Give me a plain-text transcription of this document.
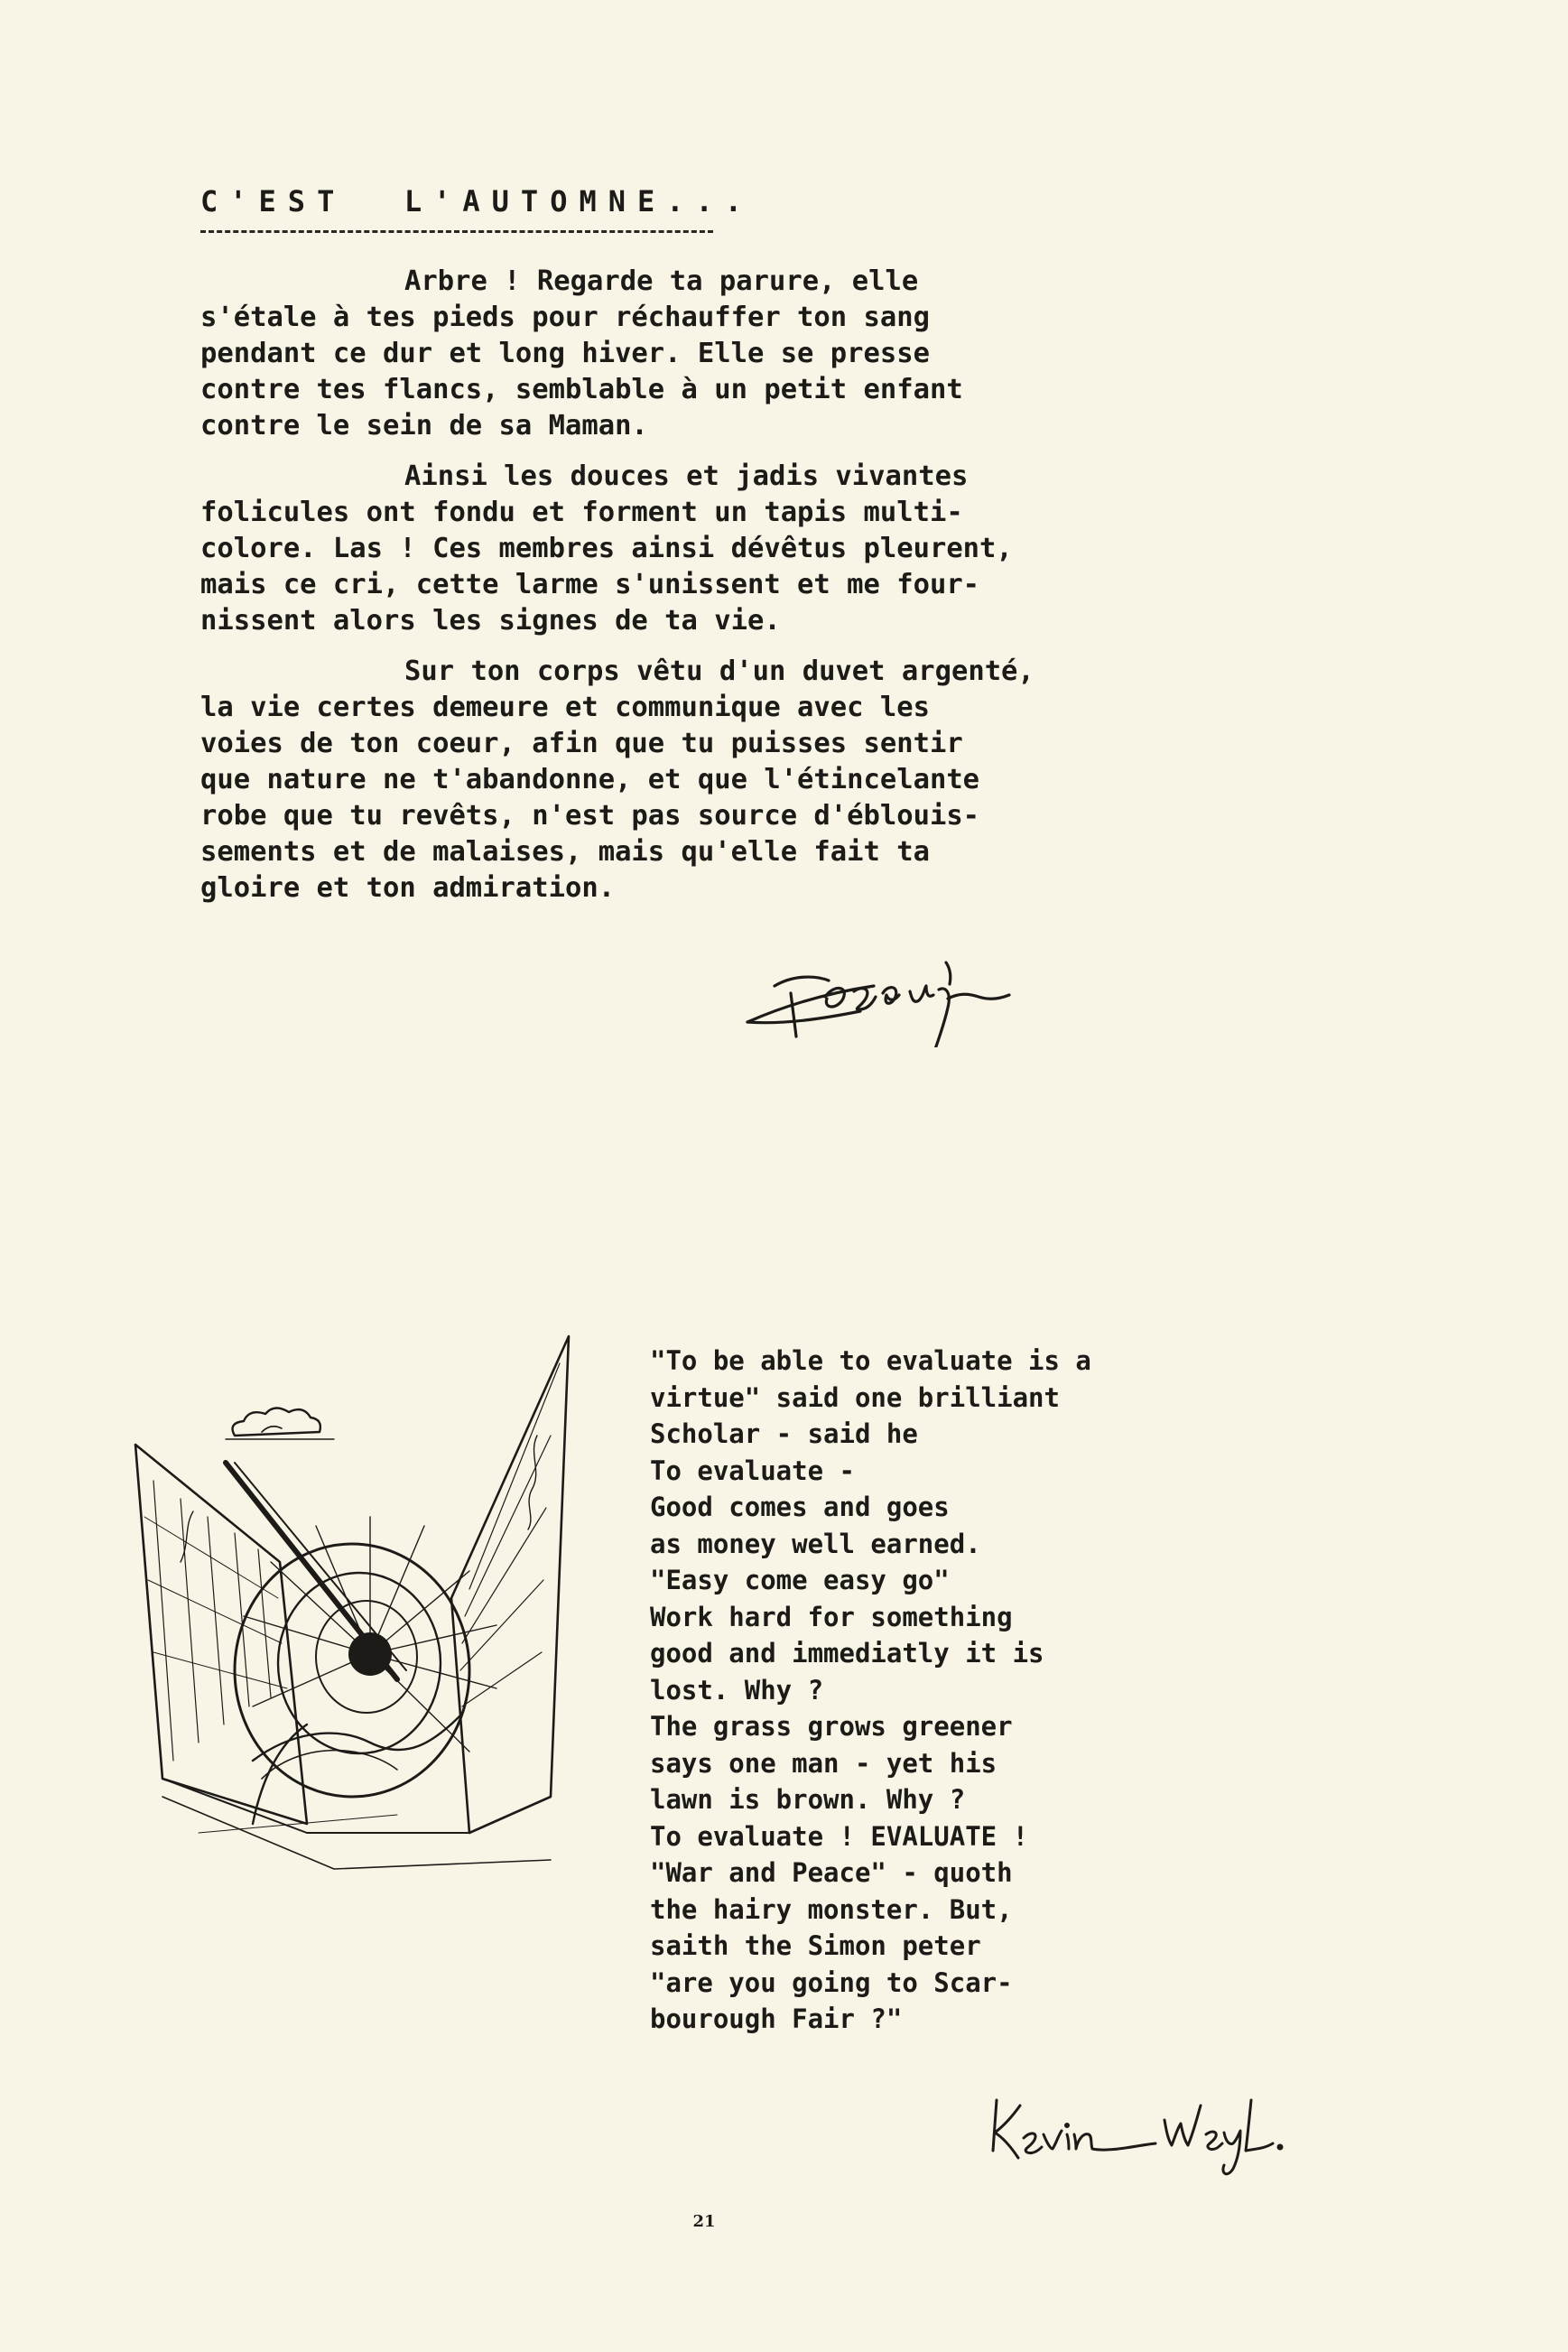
C'EST  L'AUTOMNE...
Arbre ! Regarde ta parure, elle
s'étale à tes pieds pour réchauffer ton sang
pendant ce dur et long hiver. Elle se presse
contre tes flancs, semblable à un petit enfant
contre le sein de sa Maman.
Ainsi les douces et jadis vivantes
folicules ont fondu et forment un tapis multi-
colore. Las ! Ces membres ainsi dévêtus pleurent,
mais ce cri, cette larme s'unissent et me four-
nissent alors les signes de ta vie.
Sur ton corps vêtu d'un duvet argenté,
la vie certes demeure et communique avec les
voies de ton coeur, afin que tu puisses sentir
que nature ne t'abandonne, et que l'étincelante
robe que tu revêts, n'est pas source d'éblouis-
sements et de malaises, mais qu'elle fait ta
gloire et ton admiration.
"To be able to evaluate is a
virtue" said one brilliant
Scholar - said he
To evaluate -
Good comes and goes
as money well earned.
"Easy come easy go"
Work hard for something
good and immediatly it is
lost. Why ?
The grass grows greener
says one man - yet his
lawn is brown. Why ?
To evaluate ! EVALUATE !
"War and Peace" - quoth
the hairy monster. But,
saith the Simon peter
"are you going to Scar-
bourough Fair ?"
21
